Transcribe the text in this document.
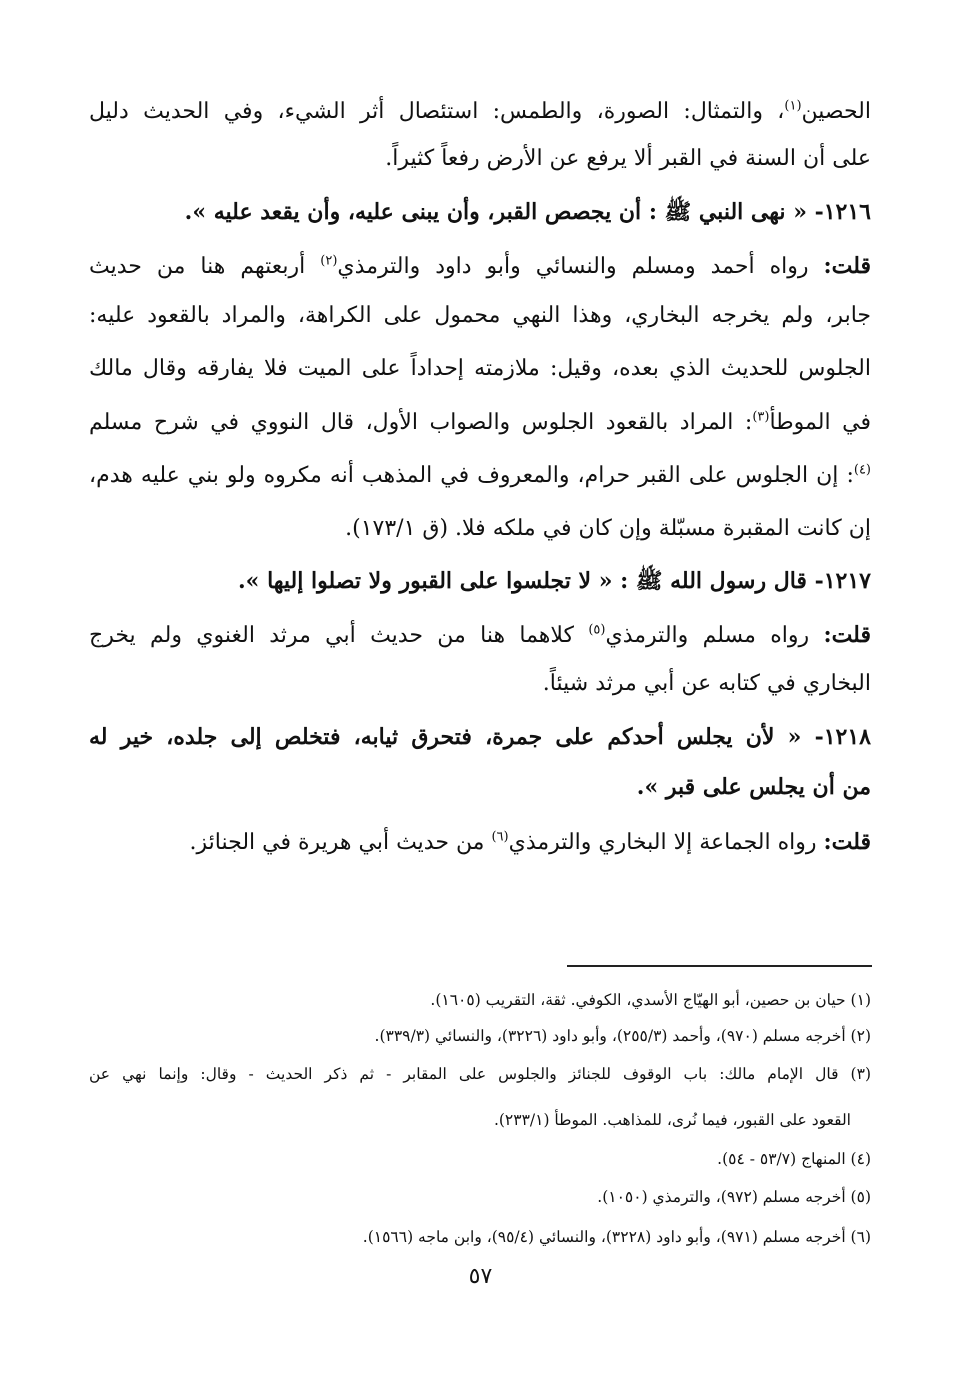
الحصين$^{(١)}$، والتمثال: الصورة، والطمس: استئصال أثر الشيء، وفي الحديث دليل
على أن السنة في القبر ألا يرفع عن الأرض رفعاً كثيراً.
١٢١٦- « نهى النبي ﷺ : أن يجصص القبر، وأن يبنى عليه، وأن يقعد عليه ».
قلت: رواه أحمد ومسلم والنسائي وأبو داود والترمذي$^{(٢)}$ أربعتهم هنا من حديث
جابر، ولم يخرجه البخاري، وهذا النهي محمول على الكراهة، والمراد بالقعود عليه:
الجلوس للحديث الذي بعده، وقيل: ملازمته إحداداً على الميت فلا يفارقه وقال مالك
في الموطأ$^{(٣)}$: المراد بالقعود الجلوس والصواب الأول، قال النووي في شرح مسلم
$^{(٤)}$: إن الجلوس على القبر حرام، والمعروف في المذهب أنه مكروه ولو بني عليه هدم،
إن كانت المقبرة مسبّلة وإن كان في ملكه فلا. (ق ١٧٣/١).
١٢١٧- قال رسول الله ﷺ : « لا تجلسوا على القبور ولا تصلوا إليها ».
قلت: رواه مسلم والترمذي$^{(٥)}$ كلاهما هنا من حديث أبي مرثد الغنوي ولم يخرج
البخاري في كتابه عن أبي مرثد شيئاً.
١٢١٨- « لأن يجلس أحدكم على جمرة، فتحرق ثيابه، فتخلص إلى جلده، خير له
من أن يجلس على قبر ».
قلت: رواه الجماعة إلا البخاري والترمذي$^{(٦)}$ من حديث أبي هريرة في الجنائز.
(١) حيان بن حصين، أبو الهيّاج الأسدي، الكوفي. ثقة، التقريب (١٦٠٥).
(٢) أخرجه مسلم (٩٧٠)، وأحمد (٢٥٥/٣)، وأبو داود (٣٢٢٦)، والنسائي (٣٣٩/٣).
(٣) قال الإمام مالك: باب الوقوف للجنائز والجلوس على المقابر - ثم ذكر الحديث - وقال: وإنما نهي عن
القعود على القبور، فيما نُرى، للمذاهب. الموطأ (٢٣٣/١).
(٤) المنهاج (٥٣/٧ - ٥٤).
(٥) أخرجه مسلم (٩٧٢)، والترمذي (١٠٥٠).
(٦) أخرجه مسلم (٩٧١)، وأبو داود (٣٢٢٨)، والنسائي (٩٥/٤)، وابن ماجه (١٥٦٦).
٥٧
